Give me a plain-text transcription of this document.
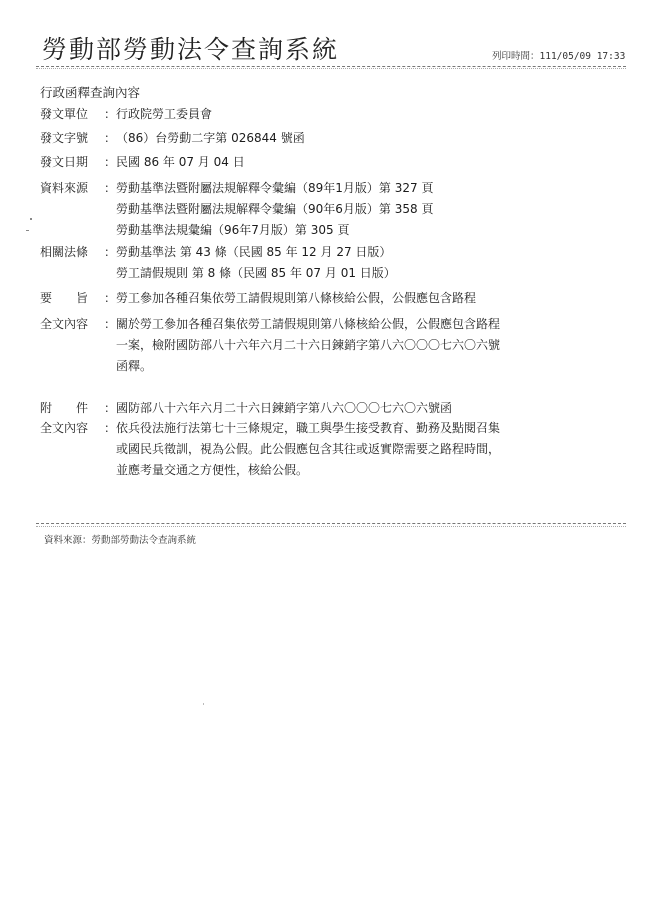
勞動部勞動法令查詢系統	列印時間：111/05/09 17:33
行政函釋查詢內容
發文單位 ：行政院勞工委員會
發文字號 ：（86）台勞動二字第 026844 號函
發文日期 ：民國 86 年 07 月 04 日
資料來源 ： 勞動基準法暨附屬法規解釋令彙編（89年1月版）第 327 頁
勞動基準法暨附屬法規解釋令彙編（90年6月版）第 358 頁
勞動基準法規彙編（96年7月版）第 305 頁
相關法條 ： 勞動基準法 第 43 條（民國 85 年 12 月 27 日版）
勞工請假規則 第 8 條（民國 85 年 07 月 01 日版）
要　　旨 ：勞工參加各種召集依勞工請假規則第八條核給公假，公假應包含路程
全文內容 ： 關於勞工參加各種召集依勞工請假規則第八條核給公假，公假應包含路程
一案，檢附國防部八十六年六月二十六日鍊銷字第八六〇〇〇七六〇六號
函釋。
附　　件 ：國防部八十六年六月二十六日鍊銷字第八六〇〇〇七六〇六號函
全文內容 ： 依兵役法施行法第七十三條規定，職工與學生接受教育、勤務及點閱召集
或國民兵徵訓，視為公假。此公假應包含其往或返實際需要之路程時間，
並應考量交通之方便性，核給公假。
資料來源：勞動部勞動法令查詢系統
